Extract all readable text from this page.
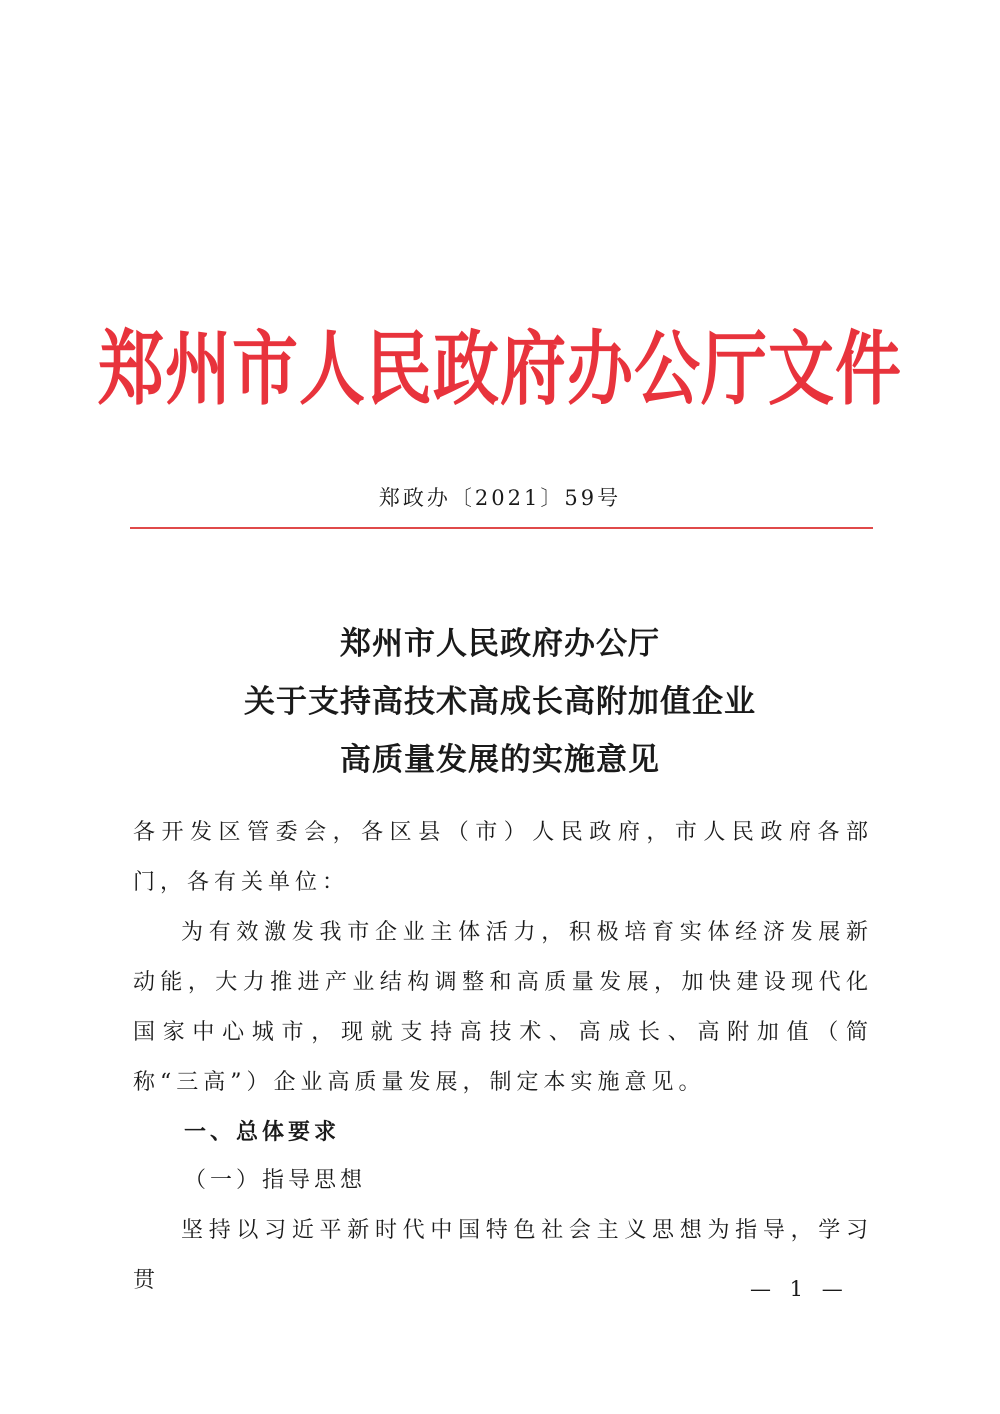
郑州市人民政府办公厅文件
郑政办〔2021〕59号
郑州市人民政府办公厅
关于支持高技术高成长高附加值企业
高质量发展的实施意见
各开发区管委会，各区县（市）人民政府，市人民政府各部门，各有关单位：
为有效激发我市企业主体活力，积极培育实体经济发展新动能，大力推进产业结构调整和高质量发展，加快建设现代化国家中心城市，现就支持高技术、高成长、高附加值（简称“三高”）企业高质量发展，制定本实施意见。
一、总体要求
（一）指导思想
坚持以习近平新时代中国特色社会主义思想为指导，学习贯	— 1 —
